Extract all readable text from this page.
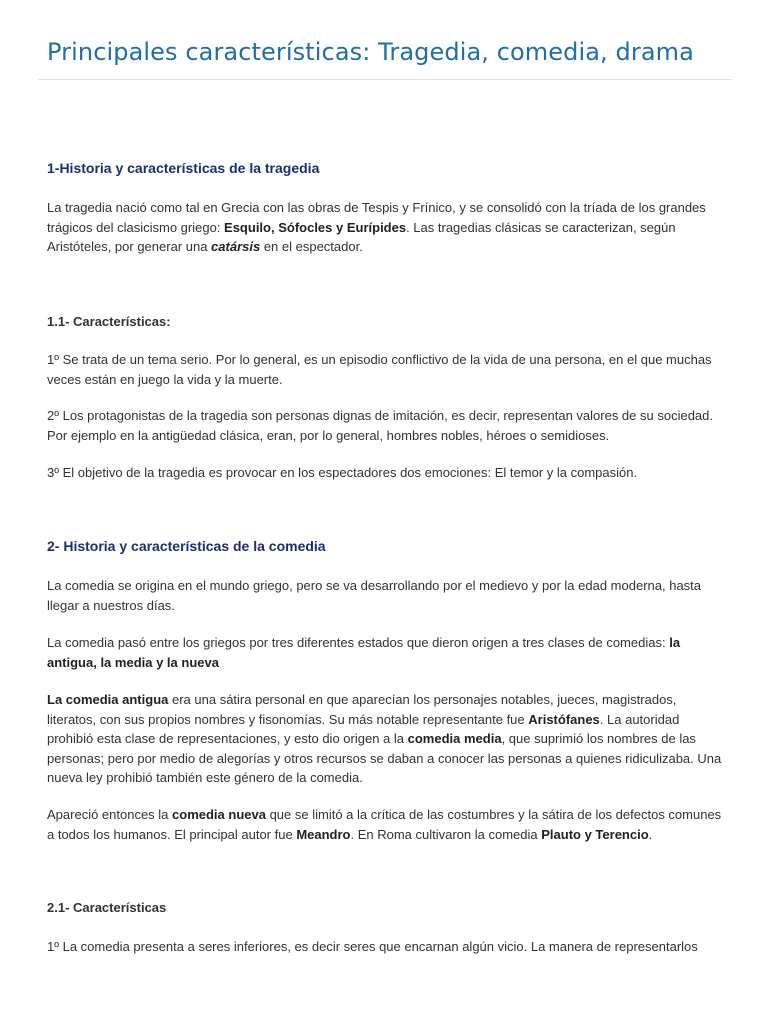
Principales características: Tragedia, comedia, drama
1-Historia y características de la tragedia

La tragedia nació como tal en Grecia con las obras de Tespis y Frínico, y se consolidó con la tríada de los grandes trágicos del clasicismo griego: Esquilo, Sófocles y Eurípides. Las tragedias clásicas se caracterizan, según Aristóteles, por generar una catársis en el espectador.

1.1- Características:

1º Se trata de un tema serio. Por lo general, es un episodio conflictivo de la vida de una persona, en el que muchas veces están en juego la vida y la muerte.

2º Los protagonistas de la tragedia son personas dignas de imitación, es decir, representan valores de su sociedad. Por ejemplo en la antigüedad clásica, eran, por lo general, hombres nobles, héroes o semidioses.

3º El objetivo de la tragedia es provocar en los espectadores dos emociones: El temor y la compasión.

2- Historia y características de la comedia

La comedia se origina en el mundo griego, pero se va desarrollando por el medievo y por la edad moderna, hasta llegar a nuestros días.

La comedia pasó entre los griegos por tres diferentes estados que dieron origen a tres clases de comedias: la antigua, la media y la nueva

La comedia antigua era una sátira personal en que aparecían los personajes notables, jueces, magistrados, literatos, con sus propios nombres y fisonomías. Su más notable representante fue Aristófanes. La autoridad prohibió esta clase de representaciones, y esto dio origen a la comedia media, que suprimió los nombres de las personas; pero por medio de alegorías y otros recursos se daban a conocer las personas a quienes ridiculizaba. Una nueva ley prohibió también este género de la comedia.

Apareció entonces la comedia nueva que se limitó a la crítica de las costumbres y la sátira de los defectos comunes a todos los humanos. El principal autor fue Meandro. En Roma cultivaron la comedia Plauto y Terencio.

2.1- Características

1º La comedia presenta a seres inferiores, es decir seres que encarnan algún vicio. La manera de representarlos
